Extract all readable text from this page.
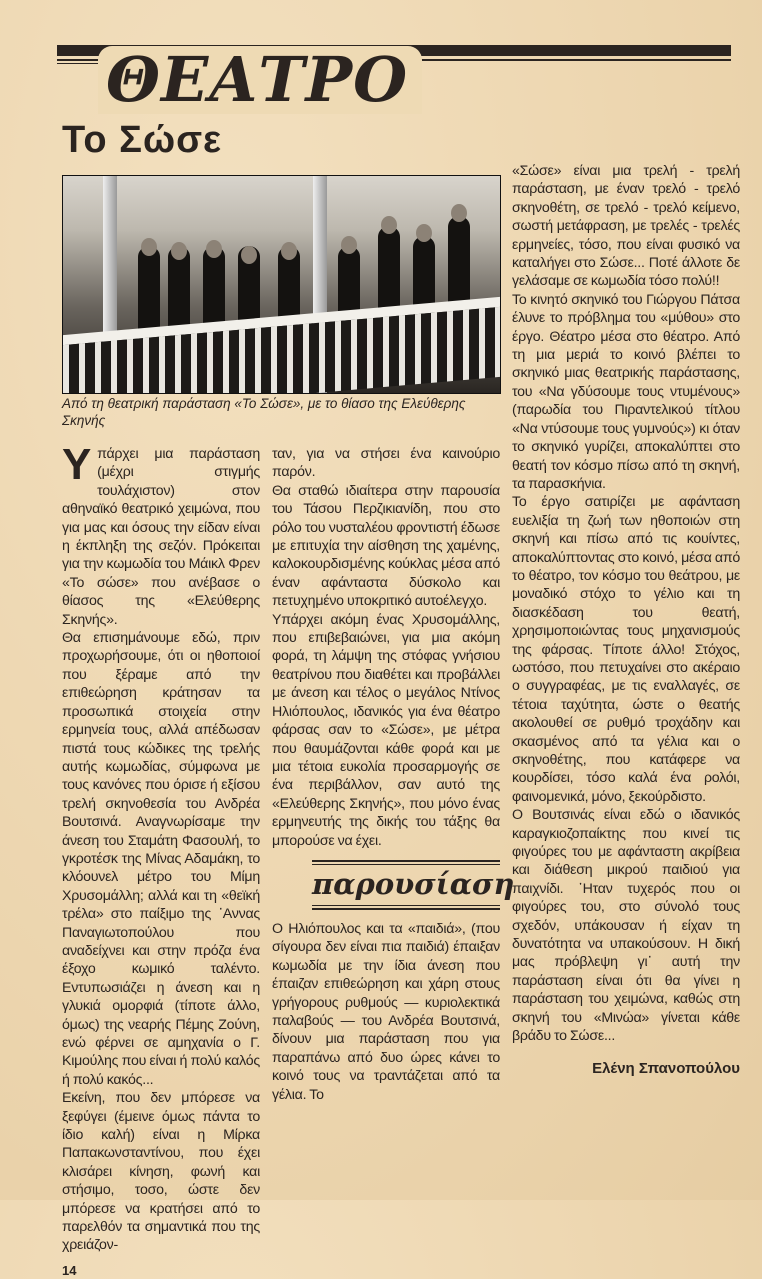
ΘΕΑΤΡΟ
Το Σώσε
Από τη θεατρική παράσταση «Το Σώσε», με το θίασο της Ελεύθερης Σκηνής

Υπάρχει μια παράσταση (μέχρι στιγμής τουλάχιστον) στον αθηναϊκό θεατρικό χειμώνα, που για μας και όσους την είδαν είναι η έκπληξη της σεζόν. Πρόκειται για την κωμωδία του Μάικλ Φρεν «Το σώσε» που ανέβασε ο θίασος της «Ελεύθερης Σκηνής».

Θα επισημάνουμε εδώ, πριν προχωρήσουμε, ότι οι ηθοποιοί που ξέραμε από την επιθεώρηση κράτησαν τα προσωπικά στοιχεία στην ερμηνεία τους, αλλά απέδωσαν πιστά τους κώδικες της τρελής αυτής κωμωδίας, σύμφωνα με τους κανόνες που όρισε ή εξίσου τρελή σκηνοθεσία του Ανδρέα Βουτσινά. Αναγνωρίσαμε την άνεση του Σταμάτη Φασουλή, το γκροτέσκ της Μίνας Αδαμάκη, το κλόουνελ μέτρο του Μίμη Χρυσομάλλη; αλλά και τη «θεϊκή τρέλα» στο παίξιμο της ᾽Αννας Παναγιωτοπούλου που αναδείχνει και στην πρόζα ένα έξοχο κωμικό ταλέντο. Εντυπωσιάζει η άνεση και η γλυκιά ομορφιά (τίποτε άλλο, όμως) της νεαρής Πέμης Ζούνη, ενώ φέρνει σε αμηχανία ο Γ. Κιμούλης που είναι ή πολύ καλός ή πολύ κακός...

Εκείνη, που δεν μπόρεσε να ξεφύγει (έμεινε όμως πάντα το ίδιο καλή) είναι η Μίρκα Παπακωνσταντίνου, που έχει κλισάρει κίνηση, φωνή και στήσιμο, τοσο, ώστε δεν μπόρεσε να κρατήσει από το παρελθόν τα σημαντικά που της χρειάζον-

14

ταν, για να στήσει ένα καινούριο παρόν.

Θα σταθώ ιδιαίτερα στην παρουσία του Τάσου Περζικιανίδη, που στο ρόλο του νυσταλέου φροντιστή έδωσε με επιτυχία την αίσθηση της χαμένης, καλοκουρδισμένης κούκλας μέσα από έναν αφάνταστα δύσκολο και πετυχημένο υποκριτικό αυτοέλεγχο.

Υπάρχει ακόμη ένας Χρυσομάλλης, που επιβεβαιώνει, για μια ακόμη φορά, τη λάμψη της στόφας γνήσιου θεατρίνου που διαθέτει και προβάλλει με άνεση και τέλος ο μεγάλος Ντίνος Ηλιόπουλος, ιδανικός για ένα θέατρο φάρσας σαν το «Σώσε», με μέτρα που θαυμάζονται κάθε φορά και με μια τέτοια ευκολία προσαρμογής σε ένα περιβάλλον, σαν αυτό της «Ελεύθερης Σκηνής», που μόνο ένας ερμηνευτής της δικής του τάξης θα μπορούσε να έχει.

παρουσίαση

Ο Ηλιόπουλος και τα «παιδιά», (που σίγουρα δεν είναι πια παιδιά) έπαιξαν κωμωδία με την ίδια άνεση που έπαιζαν επιθεώρηση και χάρη στους γρήγορους ρυθμούς — κυριολεκτικά παλαβούς — του Ανδρέα Βουτσινά, δίνουν μια παράσταση που για παραπάνω από δυο ώρες κάνει το κοινό τους να τραντάζεται από τα γέλια. Το

«Σώσε» είναι μια τρελή - τρελή παράσταση, με έναν τρελό - τρελό σκηνοθέτη, σε τρελό - τρελό κείμενο, σωστή μετάφραση, με τρελές - τρελές ερμηνείες, τόσο, που είναι φυσικό να καταλήγει στο Σώσε... Ποτέ άλλοτε δε γελάσαμε σε κωμωδία τόσο πολύ!!

Το κινητό σκηνικό του Γιώργου Πάτσα έλυνε το πρόβλημα του «μύθου» στο έργο. Θέατρο μέσα στο θέατρο. Από τη μια μεριά το κοινό βλέπει το σκηνικό μιας θεατρικής παράστασης, του «Να γδύσουμε τους ντυμένους» (παρωδία του Πιραντελικού τίτλου «Να ντύσουμε τους γυμνούς») κι όταν το σκηνικό γυρίζει, αποκαλύπτει στο θεατή τον κόσμο πίσω από τη σκηνή, τα παρασκήνια.

Το έργο σατιρίζει με αφάνταση ευελιξία τη ζωή των ηθοποιών στη σκηνή και πίσω από τις κουίντες, αποκαλύπτοντας στο κοινό, μέσα από το θέατρο, τον κόσμο του θεάτρου, με μοναδικό στόχο το γέλιο και τη διασκέδαση του θεατή, χρησιμοποιώντας τους μηχανισμούς της φάρσας. Τίποτε άλλο! Στόχος, ωστόσο, που πετυχαίνει στο ακέραιο ο συγγραφέας, με τις εναλλαγές, σε τέτοια ταχύτητα, ώστε ο θεατής ακολουθεί σε ρυθμό τροχάδην και σκασμένος από τα γέλια και ο σκηνοθέτης, που κατάφερε να κουρδίσει, τόσο καλά ένα ρολόι, φαινομενικά, μόνο, ξεκούρδιστο.

Ο Βουτσινάς είναι εδώ ο ιδανικός καραγκιοζοπαίκτης που κινεί τις φιγούρες του με αφάνταστη ακρίβεια και διάθεση μικρού παιδιού για παιχνίδι. ᾽Ηταν τυχερός που οι φιγούρες του, στο σύνολό τους σχεδόν, υπάκουσαν ή είχαν τη δυνατότητα να υπακούσουν. Η δική μας πρόβλεψη γι᾽ αυτή την παράσταση είναι ότι θα γίνει η παράσταση του χειμώνα, καθώς στη σκηνή του «Μινώα» γίνεται κάθε βράδυ το Σώσε...

Ελένη Σπανοπούλου
